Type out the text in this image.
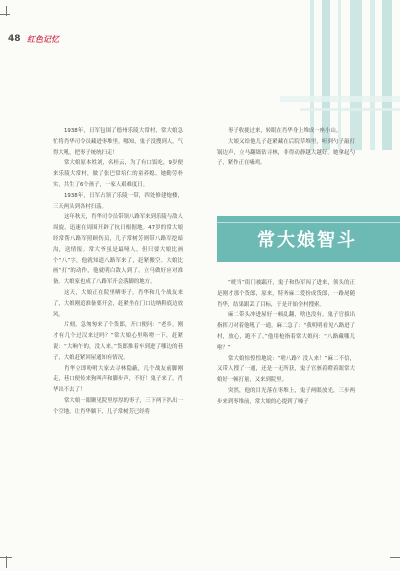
48 红色记忆

1938年，日军包围了德州乐陵大常村，常大娘急忙将肖华司令员藏进枣堆里。哪知，鬼子没搜到人，气得大吼，把枣子统统扫走！

常大娘原本姓刘，名桂云，为了有口饭吃，9岁便来乐陵大常村，做了张巴常培仁的童养媳。她勤劳朴实，共生了6个孩子，一家人艰难度日。

1938年，日军占领了乐陵一带，四处修建炮楼，三天两头到各村扫荡。

这年秋天，肖华司令员带领八路军来到乐陵与敌人周旋，迅速在周围开辟了抗日根据地。47岁的常大娘经常帮八路军照顾伤员，儿子常树芳则带八路军挖暗沟，送情报。常大爷虽是最哑人，但只要大娘比画个“八”字，他就知道八路军来了，赶紧搬空。大娘比画“打”的动作，他就明白敌人到了，立马做好应对准备。大娘家也成了八路军开会落脚的地方。

这天，大娘正在院里晒枣子，肖华和几个战友来了，大娘刚追准备要开会，赶紧坐在门口边纳鞋底边放风。

片刻，急匆匆来了个货郎，开口便问：“老乡，刚才有几个过汉来过吗？”常大娘心里咯噔一下，赶紧说：“大晌午的，没人来。”货郎推着车到进了哪边的巷子，大娘赶紧回屋通知有情况。

肖华立即吩咐大家去寻林隐蔽，几个战友前脚刚走，巷口便传来狗叫声和脚步声，不好！鬼子来了，肖华出不去了！

常大娘一眼瞅见院里厚厚的枣子，三下两下扒出一个空地，让肖华躺下，儿子常树芳已经将

枣子收拢过来，转眼在肖华身上堆成一座小山。

大娘又给他儿子赶紧藏在后院草堆里，听到勺子敲打锅边声，立马翻墙钻寻林，非得动静越大越好。她拿起勺子，紧作正在嗑鸡。

常大娘智斗

“咣当”街门被踹开，鬼子和伪军闯了进来，领头的正是刚才那个货郎，原来，特务麻二爱扮成货郎，一路尾随肖华，结果跟丢了目标，于是开始全村搜索。

麻二带头冲进屋好一顿乱翻，啥也没有。鬼子官拔出指挥刀对着他吼了一通，麻二急了：“我明明看见八路进了村，放心，跑不了。”他用枪指着常大娘问：“八路藏哪儿啦？”

常大娘惊惶惶地说：“啥八路？没人来！”麻二不信，又带人搜了一通，还是一无所获，鬼子官骇着瞪着眼常大娘好一顿打量，又来到院里。

突然，他的目光落在枣堆上，鬼子两眼放光，三步两步来到枣堆前，常大娘的心提到了嗓子
